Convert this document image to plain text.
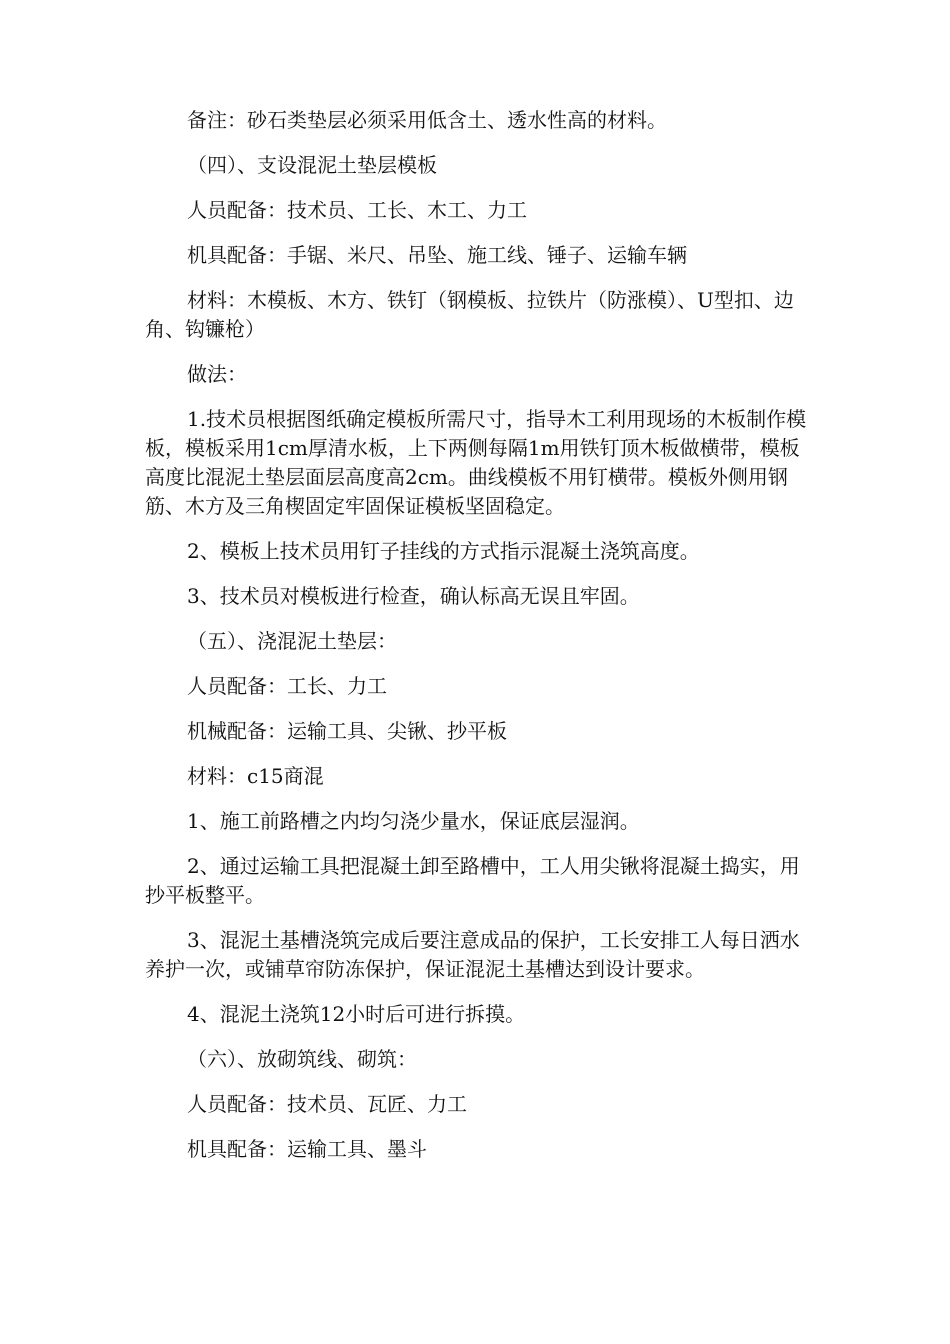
备注：砂石类垫层必须采用低含土、透水性高的材料。

（四）、支设混泥土垫层模板

人员配备：技术员、工长、木工、力工

机具配备：手锯、米尺、吊坠、施工线、锤子、运输车辆

材料：木模板、木方、铁钉（钢模板、拉铁片（防涨模）、U型扣、边角、钩镰枪）

做法：

1.技术员根据图纸确定模板所需尺寸，指导木工利用现场的木板制作模板，模板采用1cm厚清水板，上下两侧每隔1m用铁钉顶木板做横带，模板高度比混泥土垫层面层高度高2cm。曲线模板不用钉横带。模板外侧用钢筋、木方及三角楔固定牢固保证模板坚固稳定。

2、模板上技术员用钉子挂线的方式指示混凝土浇筑高度。

3、技术员对模板进行检查，确认标高无误且牢固。

（五）、浇混泥土垫层：

人员配备：工长、力工

机械配备：运输工具、尖锹、抄平板

材料：c15商混

1、施工前路槽之内均匀浇少量水，保证底层湿润。

2、通过运输工具把混凝土卸至路槽中，工人用尖锹将混凝土捣实，用抄平板整平。

3、混泥土基槽浇筑完成后要注意成品的保护，工长安排工人每日洒水养护一次，或铺草帘防冻保护，保证混泥土基槽达到设计要求。

4、混泥土浇筑12小时后可进行拆摸。

（六）、放砌筑线、砌筑：

人员配备：技术员、瓦匠、力工

机具配备：运输工具、墨斗
